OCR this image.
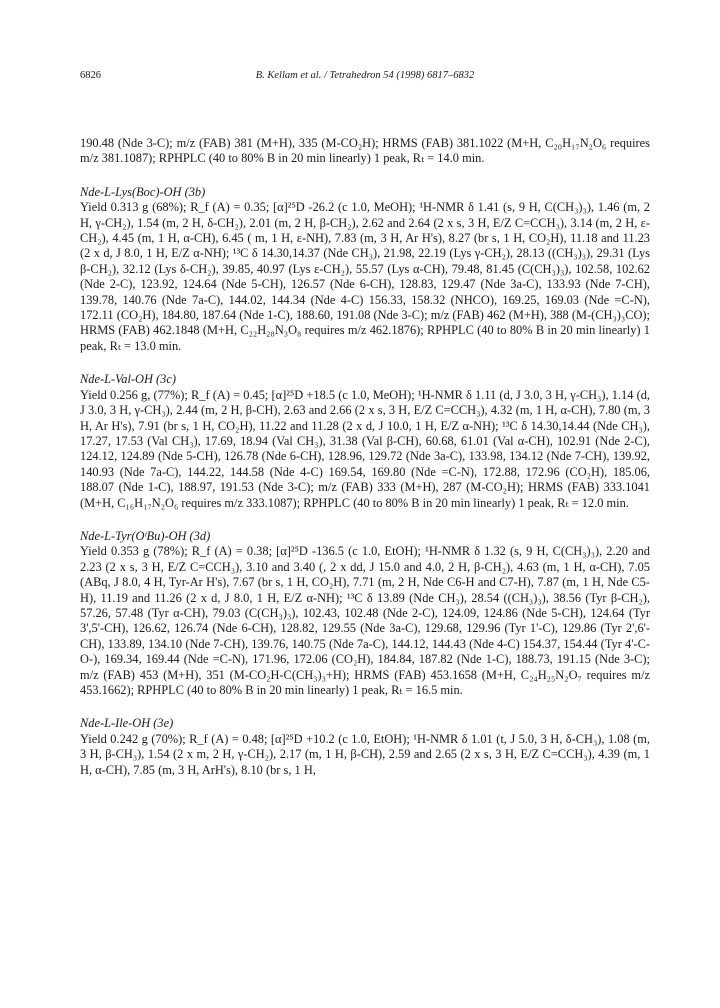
6826	B. Kellam et al. / Tetrahedron 54 (1998) 6817–6832

190.48 (Nde 3-C); m/z (FAB) 381 (M+H), 335 (M-CO₂H); HRMS (FAB) 381.1022 (M+H, C₂₀H₁₇N₂O₆ requires m/z 381.1087); RPHPLC (40 to 80% B in 20 min linearly) 1 peak, Rₜ = 14.0 min.

Nde-L-Lys(Boc)-OH (3b)

Yield 0.313 g (68%); R_f (A) = 0.35; [α]²⁵D -26.2 (c 1.0, MeOH); ¹H-NMR δ 1.41 (s, 9 H, C(CH₃)₃), 1.46 (m, 2 H, γ-CH₂), 1.54 (m, 2 H, δ-CH₂), 2.01 (m, 2 H, β-CH₂), 2.62 and 2.64 (2 x s, 3 H, E/Z C=CCH₃), 3.14 (m, 2 H, ε-CH₂), 4.45 (m, 1 H, α-CH), 6.45 ( m, 1 H, ε-NH), 7.83 (m, 3 H, Ar H's), 8.27 (br s, 1 H, CO₂H), 11.18 and 11.23 (2 x d, J 8.0, 1 H, E/Z α-NH); ¹³C δ 14.30,14.37 (Nde CH₃), 21.98, 22.19 (Lys γ-CH₂), 28.13 ((CH₃)₃), 29.31 (Lys β-CH₂), 32.12 (Lys δ-CH₂), 39.85, 40.97 (Lys ε-CH₂), 55.57 (Lys α-CH), 79.48, 81.45 (C(CH₃)₃), 102.58, 102.62 (Nde 2-C), 123.92, 124.64 (Nde 5-CH), 126.57 (Nde 6-CH), 128.83, 129.47 (Nde 3a-C), 133.93 (Nde 7-CH), 139.78, 140.76 (Nde 7a-C), 144.02, 144.34 (Nde 4-C) 156.33, 158.32 (NHCO), 169.25, 169.03 (Nde =C-N), 172.11 (CO₂H), 184.80, 187.64 (Nde 1-C), 188.60, 191.08 (Nde 3-C); m/z (FAB) 462 (M+H), 388 (M-(CH₃)₃CO); HRMS (FAB) 462.1848 (M+H, C₂₂H₂₈N₃O₈ requires m/z 462.1876); RPHPLC (40 to 80% B in 20 min linearly) 1 peak, Rₜ = 13.0 min.

Nde-L-Val-OH (3c)

Yield 0.256 g, (77%); R_f (A) = 0.45; [α]²⁵D +18.5 (c 1.0, MeOH); ¹H-NMR δ 1.11 (d, J 3.0, 3 H, γ-CH₃), 1.14 (d, J 3.0, 3 H, γ-CH₃), 2.44 (m, 2 H, β-CH), 2.63 and 2.66 (2 x s, 3 H, E/Z C=CCH₃), 4.32 (m, 1 H, α-CH), 7.80 (m, 3 H, Ar H's), 7.91 (br s, 1 H, CO₂H), 11.22 and 11.28 (2 x d, J 10.0, 1 H, E/Z α-NH); ¹³C δ 14.30,14.44 (Nde CH₃), 17.27, 17.53 (Val CH₃), 17.69, 18.94 (Val CH₃), 31.38 (Val β-CH), 60.68, 61.01 (Val α-CH), 102.91 (Nde 2-C), 124.12, 124.89 (Nde 5-CH), 126.78 (Nde 6-CH), 128.96, 129.72 (Nde 3a-C), 133.98, 134.12 (Nde 7-CH), 139.92, 140.93 (Nde 7a-C), 144.22, 144.58 (Nde 4-C) 169.54, 169.80 (Nde =C-N), 172.88, 172.96 (CO₂H), 185.06, 188.07 (Nde 1-C), 188.97, 191.53 (Nde 3-C); m/z (FAB) 333 (M+H), 287 (M-CO₂H); HRMS (FAB) 333.1041 (M+H, C₁₆H₁₇N₂O₆ requires m/z 333.1087); RPHPLC (40 to 80% B in 20 min linearly) 1 peak, Rₜ = 12.0 min.

Nde-L-Tyr(OᵗBu)-OH (3d)

Yield 0.353 g (78%); R_f (A) = 0.38; [α]²⁵D -136.5 (c 1.0, EtOH); ¹H-NMR δ 1.32 (s, 9 H, C(CH₃)₃), 2.20 and 2.23 (2 x s, 3 H, E/Z C=CCH₃), 3.10 and 3.40 (, 2 x dd, J 15.0 and 4.0, 2 H, β-CH₂), 4.63 (m, 1 H, α-CH), 7.05 (ABq, J 8.0, 4 H, Tyr-Ar H's), 7.67 (br s, 1 H, CO₂H), 7.71 (m, 2 H, Nde C6-H and C7-H), 7.87 (m, 1 H, Nde C5-H), 11.19 and 11.26 (2 x d, J 8.0, 1 H, E/Z α-NH); ¹³C δ 13.89 (Nde CH₃), 28.54 ((CH₃)₃), 38.56 (Tyr β-CH₂), 57.26, 57.48 (Tyr α-CH), 79.03 (C(CH₃)₃), 102.43, 102.48 (Nde 2-C), 124.09, 124.86 (Nde 5-CH), 124.64 (Tyr 3',5'-CH), 126.62, 126.74 (Nde 6-CH), 128.82, 129.55 (Nde 3a-C), 129.68, 129.96 (Tyr 1'-C), 129.86 (Tyr 2',6'-CH), 133.89, 134.10 (Nde 7-CH), 139.76, 140.75 (Nde 7a-C), 144.12, 144.43 (Nde 4-C) 154.37, 154.44 (Tyr 4'-C-O-), 169.34, 169.44 (Nde =C-N), 171.96, 172.06 (CO₂H), 184.84, 187.82 (Nde 1-C), 188.73, 191.15 (Nde 3-C); m/z (FAB) 453 (M+H), 351 (M-CO₂H-C(CH₃)₃+H); HRMS (FAB) 453.1658 (M+H, C₂₄H₂₅N₂O₇ requires m/z 453.1662); RPHPLC (40 to 80% B in 20 min linearly) 1 peak, Rₜ = 16.5 min.

Nde-L-Ile-OH (3e)

Yield 0.242 g (70%); R_f (A) = 0.48; [α]²⁵D +10.2 (c 1.0, EtOH); ¹H-NMR δ 1.01 (t, J 5.0, 3 H, δ-CH₃), 1.08 (m, 3 H, β-CH₃), 1.54 (2 x m, 2 H, γ-CH₂), 2.17 (m, 1 H, β-CH), 2.59 and 2.65 (2 x s, 3 H, E/Z C=CCH₃), 4.39 (m, 1 H, α-CH), 7.85 (m, 3 H, ArH's), 8.10 (br s, 1 H,
